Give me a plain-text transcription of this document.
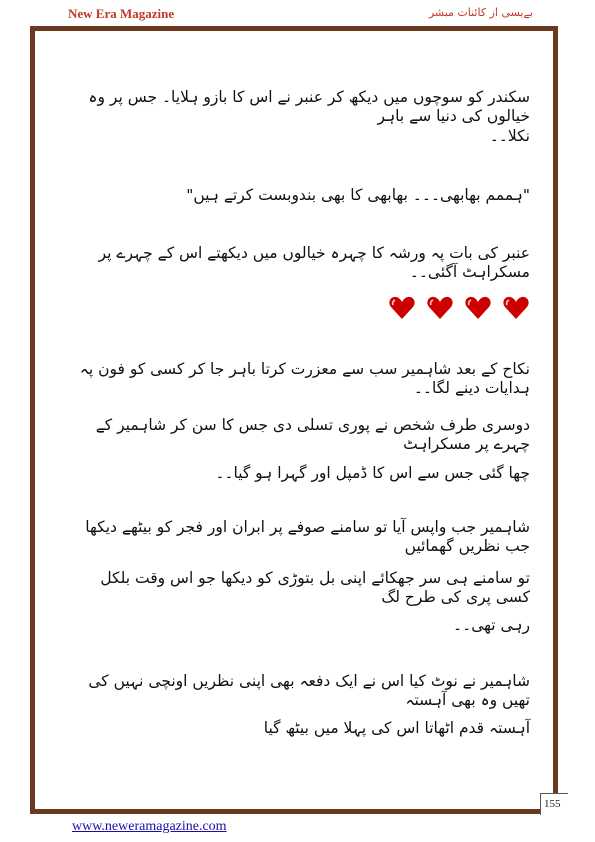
New Era Magazine	بےبسی از کائنات مبشر
سکندر کو سوچوں میں دیکھ کر عنبر نے اس کا بازو ہلایا۔ جس پر وہ خیالوں کی دنیا سے باہر
نکلا۔۔
"ہممم بھابھی۔۔۔ بھابھی کا بھی بندوبست کرتے ہیں"
عنبر کی بات پہ ورشہ کا چہرہ خیالوں میں دیکھتے اس کے چہرے پر مسکراہٹ آگئی۔۔
نکاح کے بعد شاہمیر سب سے معزرت کرتا باہر جا کر کسی کو فون پہ ہدایات دینے لگا۔۔
دوسری طرف شخص نے پوری تسلی دی جس کا سن کر شاہمیر کے چہرے پر مسکراہٹ
چھا گئی جس سے اس کا ڈمپل اور گہرا ہو گیا۔۔
شاہمیر جب واپس آیا تو سامنے صوفے پر ابران اور فجر کو بیٹھے دیکھا جب نظریں گھمائیں
تو سامنے ہی سر جھکائے اپنی بل بتوڑی کو دیکھا جو اس وقت بلکل کسی پری کی طرح لگ
رہی تھی۔۔
شاہمیر نے نوٹ کیا اس نے ایک دفعہ بھی اپنی نظریں اونچی نہیں کی تھیں وہ بھی آہستہ
آہستہ قدم اٹھاتا اس کی پہلا میں بیٹھ گیا
155
www.neweramagazine.com
